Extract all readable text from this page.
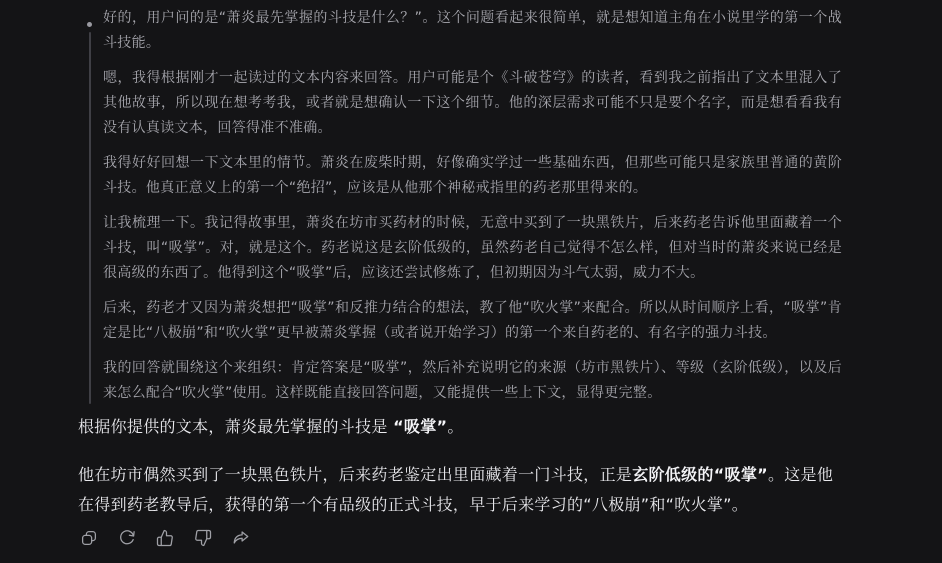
好的，用户问的是“萧炎最先掌握的斗技是什么？”。这个问题看起来很简单，就是想知道主角在小说里学的第一个战斗技能。

嗯，我得根据刚才一起读过的文本内容来回答。用户可能是个《斗破苍穹》的读者，看到我之前指出了文本里混入了其他故事，所以现在想考考我，或者就是想确认一下这个细节。他的深层需求可能不只是要个名字，而是想看看我有没有认真读文本，回答得准不准确。

我得好好回想一下文本里的情节。萧炎在废柴时期，好像确实学过一些基础东西，但那些可能只是家族里普通的黄阶斗技。他真正意义上的第一个“绝招”，应该是从他那个神秘戒指里的药老那里得来的。

让我梳理一下。我记得故事里，萧炎在坊市买药材的时候，无意中买到了一块黑铁片，后来药老告诉他里面藏着一个斗技，叫“吸掌”。对，就是这个。药老说这是玄阶低级的，虽然药老自己觉得不怎么样，但对当时的萧炎来说已经是很高级的东西了。他得到这个“吸掌”后，应该还尝试修炼了，但初期因为斗气太弱，威力不大。

后来，药老才又因为萧炎想把“吸掌”和反推力结合的想法，教了他“吹火掌”来配合。所以从时间顺序上看，“吸掌”肯定是比“八极崩”和“吹火掌”更早被萧炎掌握（或者说开始学习）的第一个来自药老的、有名字的强力斗技。

我的回答就围绕这个来组织：肯定答案是“吸掌”，然后补充说明它的来源（坊市黑铁片）、等级（玄阶低级），以及后来怎么配合“吹火掌”使用。这样既能直接回答问题，又能提供一些上下文，显得更完整。

根据你提供的文本，萧炎最先掌握的斗技是 “吸掌”。

他在坊市偶然买到了一块黑色铁片，后来药老鉴定出里面藏着一门斗技，正是玄阶低级的“吸掌”。这是他在得到药老教导后，获得的第一个有品级的正式斗技，早于后来学习的“八极崩”和“吹火掌”。
